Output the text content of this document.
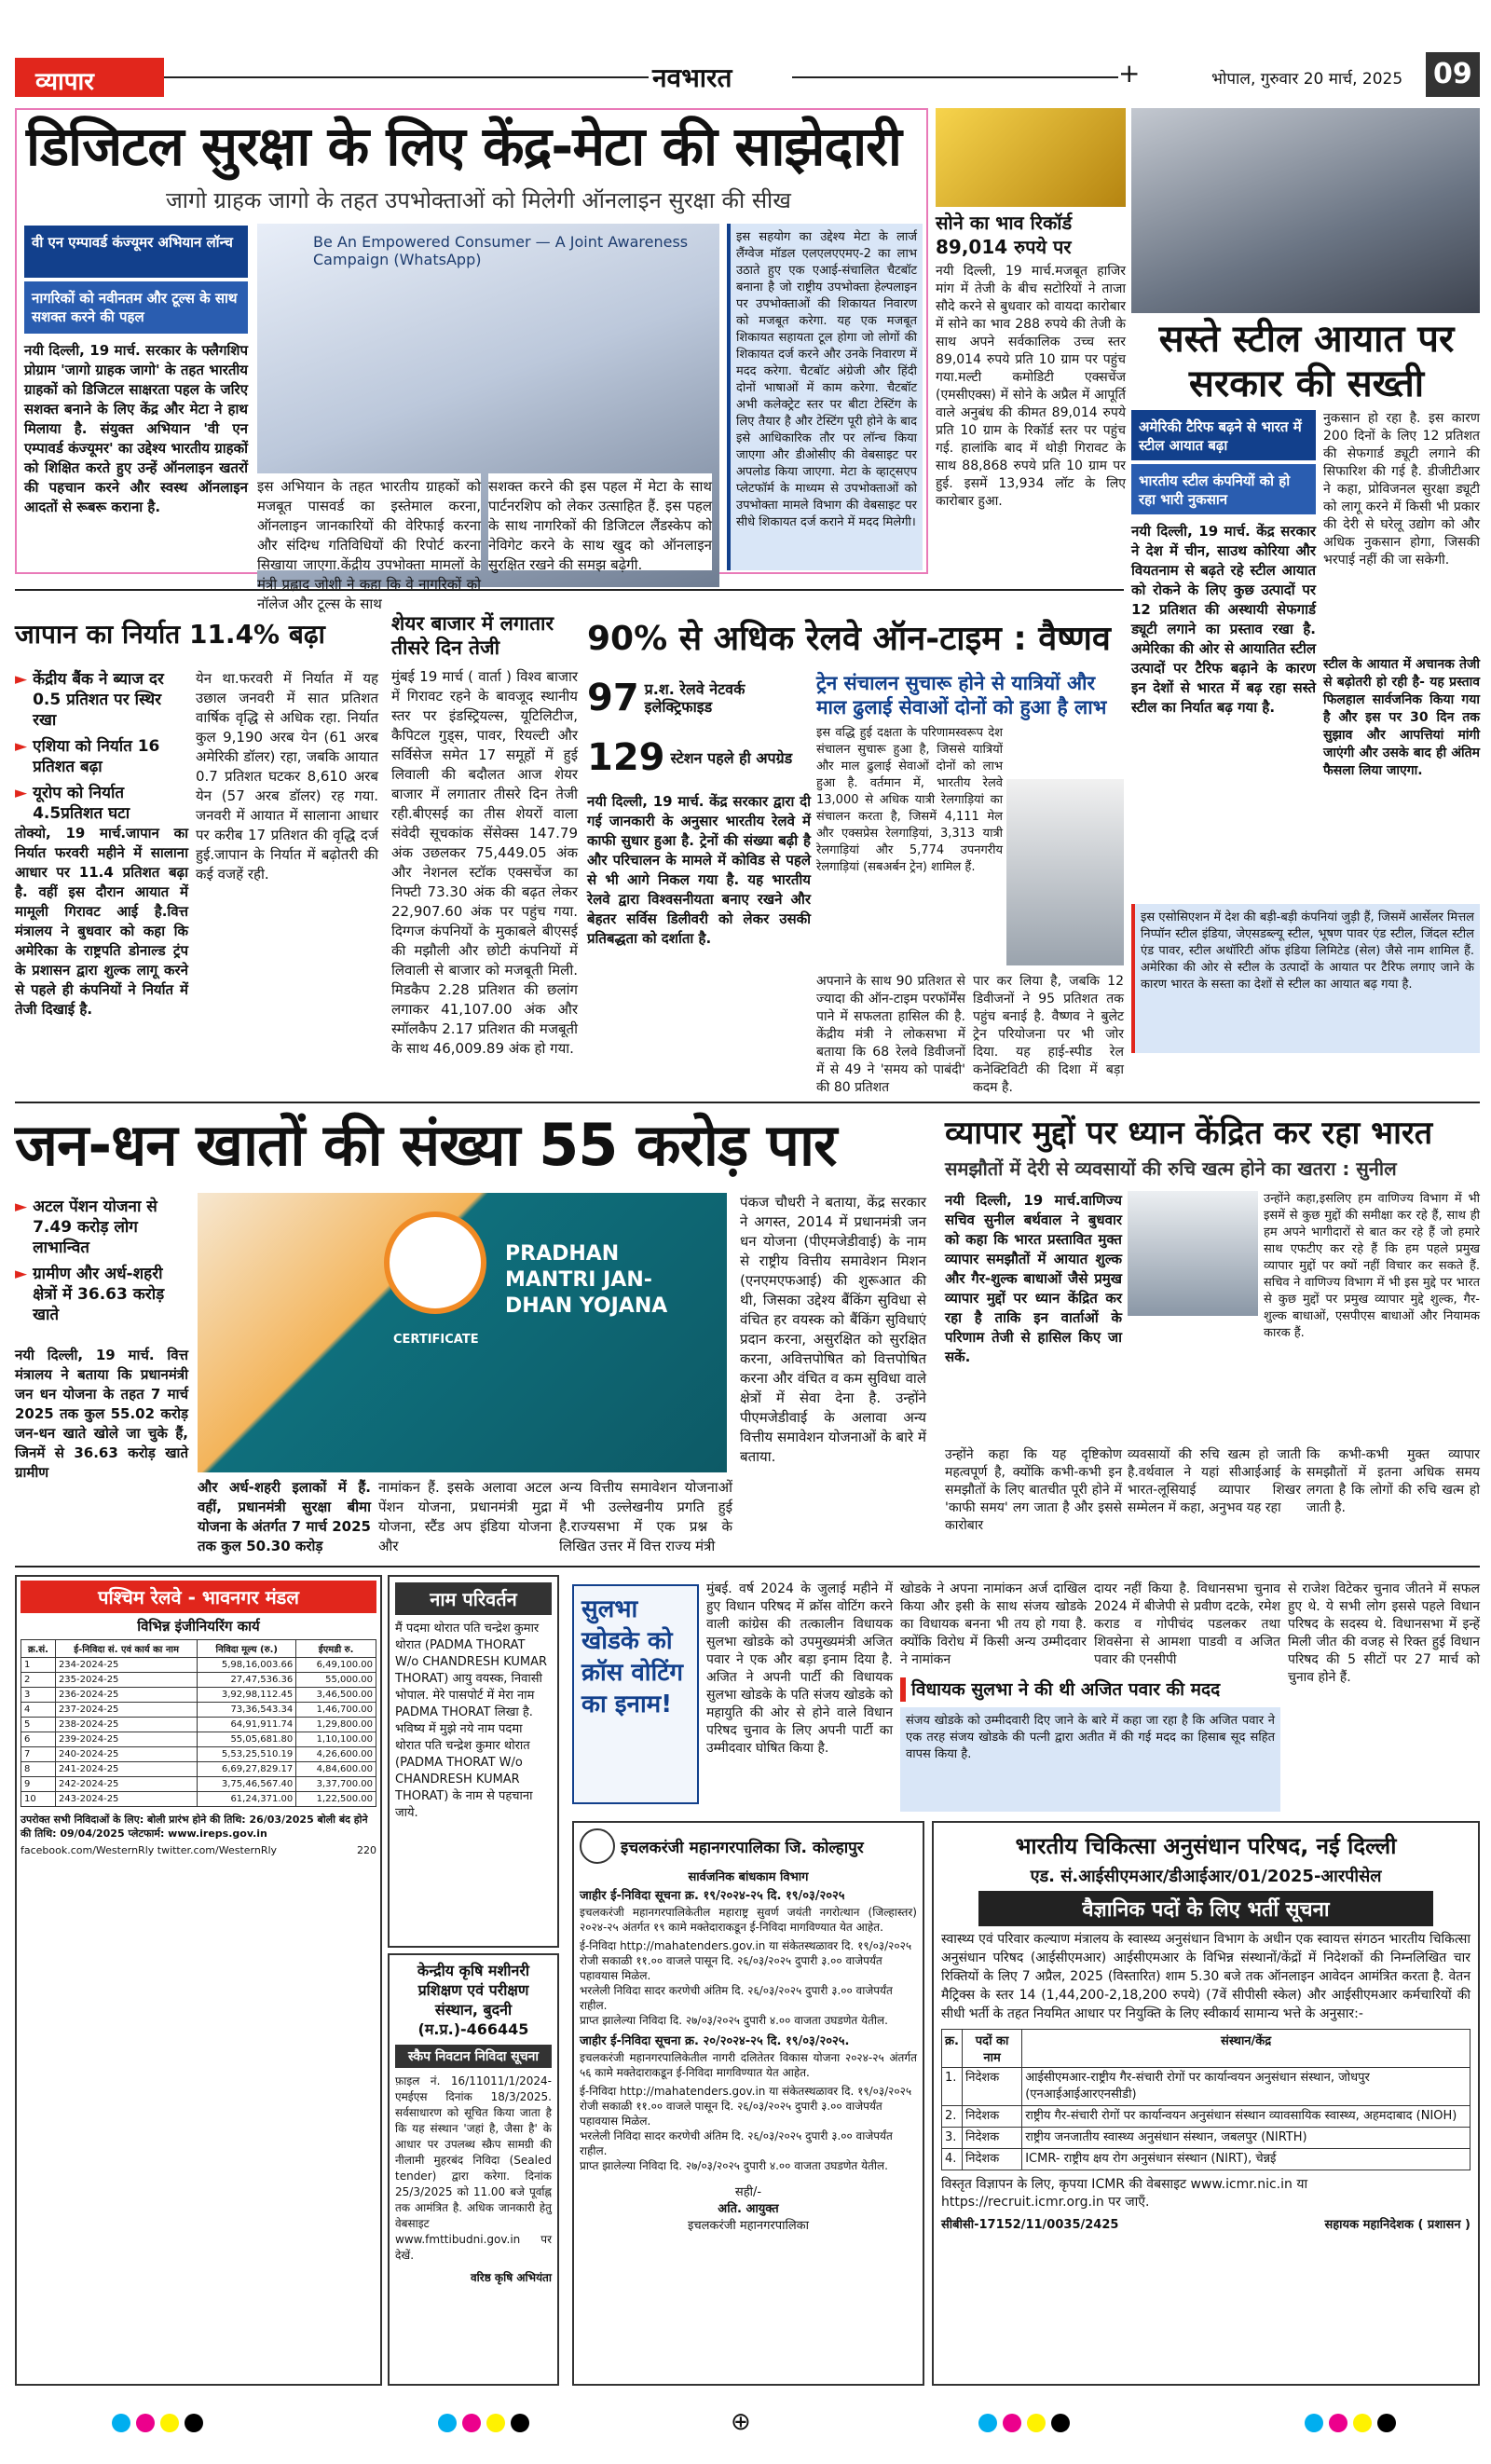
व्यापार	नवभारत	+	भोपाल, गुरुवार 20 मार्च, 2025	09
डिजिटल सुरक्षा के लिए केंद्र-मेटा की साझेदारी
जागो ग्राहक जागो के तहत उपभोक्ताओं को मिलेगी ऑनलाइन सुरक्षा की सीख
वी एन एम्पावर्ड कंज्यूमर अभियान लॉन्च
नागरिकों को नवीनतम और टूल्स के साथ सशक्त करने की पहल
नयी दिल्ली, 19 मार्च. सरकार के फ्लैगशिप प्रोग्राम 'जागो ग्राहक जागो' के तहत भारतीय ग्राहकों को डिजिटल साक्षरता पहल के जरिए सशक्त बनाने के लिए केंद्र और मेटा ने हाथ मिलाया है. संयुक्त अभियान 'वी एन एम्पावर्ड कंज्यूमर' का उद्देश्य भारतीय ग्राहकों को शिक्षित करते हुए उन्हें ऑनलाइन खतरों की पहचान करने और स्वस्थ ऑनलाइन आदतों से रूबरू कराना है.
Be An Empowered Consumer — A Joint Awareness Campaign (WhatsApp)
इस अभियान के तहत भारतीय ग्राहकों को मजबूत पासवर्ड का इस्तेमाल करना, ऑनलाइन जानकारियों की वेरिफाई करना और संदिग्ध गतिविधियों की रिपोर्ट करना सिखाया जाएगा.केंद्रीय उपभोक्ता मामलों के मंत्री प्रह्लाद जोशी ने कहा कि वे नागरिकों को नॉलेज और टूल्स के साथ
सशक्त करने की इस पहल में मेटा के साथ पार्टनरशिप को लेकर उत्साहित हैं. इस पहल के साथ नागरिकों की डिजिटल लैंडस्केप को नेविगेट करने के साथ खुद को ऑनलाइन सुरक्षित रखने की समझ बढ़ेगी.
इस सहयोग का उद्देश्य मेटा के लार्ज लैंग्वेज मॉडल एलएलएएमए-2 का लाभ उठाते हुए एक एआई-संचालित चैटबॉट बनाना है जो राष्ट्रीय उपभोक्ता हेल्पलाइन पर उपभोक्ताओं की शिकायत निवारण को मजबूत करेगा. यह एक मजबूत शिकायत सहायता टूल होगा जो लोगों की शिकायत दर्ज करने और उनके निवारण में मदद करेगा. चैटबॉट अंग्रेजी और हिंदी दोनों भाषाओं में काम करेगा. चैटबॉट अभी कलेक्ट्रेट स्तर पर बीटा टेस्टिंग के लिए तैयार है और टेस्टिंग पूरी होने के बाद इसे आधिकारिक तौर पर लॉन्च किया जाएगा और डीओसीए की वेबसाइट पर अपलोड किया जाएगा. मेटा के व्हाट्सएप प्लेटफॉर्म के माध्यम से उपभोक्ताओं को उपभोक्ता मामले विभाग की वेबसाइट पर सीधे शिकायत दर्ज कराने में मदद मिलेगी।
सोने का भाव रिकॉर्ड 89,014 रुपये पर
नयी दिल्ली, 19 मार्च.मजबूत हाजिर मांग में तेजी के बीच सटोरियों ने ताजा सौदे करने से बुधवार को वायदा कारोबार में सोने का भाव 288 रुपये की तेजी के साथ अपने सर्वकालिक उच्च स्तर 89,014 रुपये प्रति 10 ग्राम पर पहुंच गया.मल्टी कमोडिटी एक्सचेंज (एमसीएक्स) में सोने के अप्रैल में आपूर्ति वाले अनुबंध की कीमत 89,014 रुपये प्रति 10 ग्राम के रिकॉर्ड स्तर पर पहुंच गई. हालांकि बाद में थोड़ी गिरावट के साथ 88,868 रुपये प्रति 10 ग्राम पर हुई. इसमें 13,934 लॉट के लिए कारोबार हुआ.
सस्ते स्टील आयात पर सरकार की सख्ती
अमेरिकी टैरिफ बढ़ने से भारत में स्टील आयात बढ़ा
भारतीय स्टील कंपनियों को हो रहा भारी नुकसान
नयी दिल्ली, 19 मार्च. केंद्र सरकार ने देश में चीन, साउथ कोरिया और वियतनाम से बढ़ते रहे स्टील आयात को रोकने के लिए कुछ उत्पादों पर 12 प्रतिशत की अस्थायी सेफगार्ड ड्यूटी लगाने का प्रस्ताव रखा है. अमेरिका की ओर से आयातित स्टील उत्पादों पर टैरिफ बढ़ाने के कारण इन देशों से भारत में बढ़ रहा सस्ते स्टील का निर्यात बढ़ गया है.
नुकसान हो रहा है. इस कारण 200 दिनों के लिए 12 प्रतिशत की सेफगार्ड ड्यूटी लगाने की सिफारिश की गई है. डीजीटीआर ने कहा, प्रोविजनल सुरक्षा ड्यूटी को लागू करने में किसी भी प्रकार की देरी से घरेलू उद्योग को और अधिक नुकसान होगा, जिसकी भरपाई नहीं की जा सकेगी.
स्टील के आयात में अचानक तेजी से बढ़ोतरी हो रही है- यह प्रस्ताव फिलहाल सार्वजनिक किया गया है और इस पर 30 दिन तक सुझाव और आपत्तियां मांगी जाएंगी और उसके बाद ही अंतिम फैसला लिया जाएगा.
इस एसोसिएशन में देश की बड़ी-बड़ी कंपनियां जुड़ी हैं, जिसमें आर्सेलर मित्तल निप्पॉन स्टील इंडिया, जेएसडब्ल्यू स्टील, भूषण पावर एंड स्टील, जिंदल स्टील एंड पावर, स्टील अथॉरिटी ऑफ इंडिया लिमिटेड (सेल) जैसे नाम शामिल हैं. अमेरिका की ओर से स्टील के उत्पादों के आयात पर टैरिफ लगाए जाने के कारण भारत के सस्ता का देशों से स्टील का आयात बढ़ गया है.
जापान का निर्यात 11.4% बढ़ा
► केंद्रीय बैंक ने ब्याज दर 0.5 प्रतिशत पर स्थिर रखा
► एशिया को निर्यात 16 प्रतिशत बढ़ा
► यूरोप को निर्यात 4.5प्रतिशत घटा
तोक्यो, 19 मार्च.जापान का निर्यात फरवरी महीने में सालाना आधार पर 11.4 प्रतिशत बढ़ा है. वहीं इस दौरान आयात में मामूली गिरावट आई है.वित्त मंत्रालय ने बुधवार को कहा कि अमेरिका के राष्ट्रपति डोनाल्ड ट्रंप के प्रशासन द्वारा शुल्क लागू करने से पहले ही कंपनियों ने निर्यात में तेजी दिखाई है.
येन था.फरवरी में निर्यात में यह उछाल जनवरी में सात प्रतिशत वार्षिक वृद्धि से अधिक रहा. निर्यात कुल 9,190 अरब येन (61 अरब अमेरिकी डॉलर) रहा, जबकि आयात 0.7 प्रतिशत घटकर 8,610 अरब येन (57 अरब डॉलर) रह गया. जनवरी में आयात में सालाना आधार पर करीब 17 प्रतिशत की वृद्धि दर्ज हुई.जापान के निर्यात में बढ़ोतरी की कई वजहें रही.
शेयर बाजार में लगातार तीसरे दिन तेजी
मुंबई 19 मार्च ( वार्ता ) विश्व बाजार में गिरावट रहने के बावजूद स्थानीय स्तर पर इंडस्ट्रियल्स, यूटिलिटीज, कैपिटल गुड्स, पावर, रियल्टी और सर्विसेज समेत 17 समूहों में हुई लिवाली की बदौलत आज शेयर बाजार में लगातार तीसरे दिन तेजी रही.बीएसई का तीस शेयरों वाला संवेदी सूचकांक सेंसेक्स 147.79 अंक उछलकर 75,449.05 अंक और नेशनल स्टॉक एक्सचेंज का निफ्टी 73.30 अंक की बढ़त लेकर 22,907.60 अंक पर पहुंच गया. दिग्गज कंपनियों के मुकाबले बीएसई की मझौली और छोटी कंपनियों में लिवाली से बाजार को मजबूती मिली. मिडकैप 2.28 प्रतिशत की छलांग लगाकर 41,107.00 अंक और स्मॉलकैप 2.17 प्रतिशत की मजबूती के साथ 46,009.89 अंक हो गया.
90% से अधिक रेलवे ऑन-टाइम : वैष्णव
97 प्र.श. रेलवे नेटवर्क इलेक्ट्रिफाइड
129 स्टेशन पहले ही अपग्रेड
ट्रेन संचालन सुचारू होने से यात्रियों और माल ढुलाई सेवाओं दोनों को हुआ है लाभ
इस वद्धि हुई दक्षता के परिणामस्वरूप देश संचालन सुचारू हुआ है, जिससे यात्रियों और माल ढुलाई सेवाओं दोनों को लाभ हुआ है. वर्तमान में, भारतीय रेलवे 13,000 से अधिक यात्री रेलगाड़ियां का संचालन करता है, जिसमें 4,111 मेल और एक्सप्रेस रेलगाड़ियां, 3,313 यात्री रेलगाड़ियां और 5,774 उपनगरीय रेलगाड़ियां (सबअर्बन ट्रेन) शामिल हैं.
नयी दिल्ली, 19 मार्च. केंद्र सरकार द्वारा दी गई जानकारी के अनुसार भारतीय रेलवे में काफी सुधार हुआ है. ट्रेनों की संख्या बढ़ी है और परिचालन के मामले में कोविड से पहले से भी आगे निकल गया है. यह भारतीय रेलवे द्वारा विश्वसनीयता बनाए रखने और बेहतर सर्विस डिलीवरी को लेकर उसकी प्रतिबद्धता को दर्शाता है.
अपनाने के साथ 90 प्रतिशत से ज्यादा की ऑन-टाइम परफॉर्मेंस पाने में सफलता हासिल की है. केंद्रीय मंत्री ने लोकसभा में बताया कि 68 रेलवे डिवीजनों में से 49 ने 'समय को पाबंदी' की 80 प्रतिशत
पार कर लिया है, जबकि 12 डिवीजनों ने 95 प्रतिशत तक पहुंच बनाई है. वैष्णव ने बुलेट ट्रेन परियोजना पर भी जोर दिया. यह हाई-स्पीड रेल कनेक्टिविटी की दिशा में बड़ा कदम है.
जन-धन खातों की संख्या 55 करोड़ पार
► अटल पेंशन योजना से 7.49 करोड़ लोग लाभान्वित
► ग्रामीण और अर्ध-शहरी क्षेत्रों में 36.63 करोड़ खाते
नयी दिल्ली, 19 मार्च. वित्त मंत्रालय ने बताया कि प्रधानमंत्री जन धन योजना के तहत 7 मार्च 2025 तक कुल 55.02 करोड़ जन-धन खाते खोले जा चुके हैं, जिनमें से 36.63 करोड़ खाते ग्रामीण
PRADHAN MANTRI JAN-DHAN YOJANA
CERTIFICATE
और अर्ध-शहरी इलाकों में हैं. वहीं, प्रधानमंत्री सुरक्षा बीमा योजना के अंतर्गत 7 मार्च 2025 तक कुल 50.30 करोड़
नामांकन हैं. इसके अलावा अटल पेंशन योजना, प्रधानमंत्री मुद्रा योजना, स्टैंड अप इंडिया योजना और
अन्य वित्तीय समावेशन योजनाओं में भी उल्लेखनीय प्रगति हुई है.राज्यसभा में एक प्रश्न के लिखित उत्तर में वित्त राज्य मंत्री
पंकज चौधरी ने बताया, केंद्र सरकार ने अगस्त, 2014 में प्रधानमंत्री जन धन योजना (पीएमजेडीवाई) के नाम से राष्ट्रीय वित्तीय समावेशन मिशन (एनएमएफआई) की शुरूआत की थी, जिसका उद्देश्य बैंकिंग सुविधा से वंचित हर वयस्क को बैंकिंग सुविधाएं प्रदान करना, असुरक्षित को सुरक्षित करना, अवित्तपोषित को वित्तपोषित करना और वंचित व कम सुविधा वाले क्षेत्रों में सेवा देना है. उन्होंने पीएमजेडीवाई के अलावा अन्य वित्तीय समावेशन योजनाओं के बारे में बताया.
व्यापार मुद्दों पर ध्यान केंद्रित कर रहा भारत
समझौतों में देरी से व्यवसायों की रुचि खत्म होने का खतरा : सुनील
नयी दिल्ली, 19 मार्च.वाणिज्य सचिव सुनील बर्थवाल ने बुधवार को कहा कि भारत प्रस्तावित मुक्त व्यापार समझौतों में आयात शुल्क और गैर-शुल्क बाधाओं जैसे प्रमुख व्यापार मुद्दों पर ध्यान केंद्रित कर रहा है ताकि इन वार्ताओं के परिणाम तेजी से हासिल किए जा सकें.
उन्होंने कहा,इसलिए हम वाणिज्य विभाग में भी इसमें से कुछ मुद्दों की समीक्षा कर रहे हैं, साथ ही हम अपने भागीदारों से बात कर रहे हैं जो हमारे साथ एफटीए कर रहे हैं कि हम पहले प्रमुख व्यापार मुद्दों पर क्यों नहीं विचार कर सकते हैं. सचिव ने वाणिज्य विभाग में भी इस मुद्दे पर भारत से कुछ मुद्दों पर प्रमुख व्यापार मुद्दे शुल्क, गैर-शुल्क बाधाओं, एसपीएस बाधाओं और नियामक कारक हैं.
उन्होंने कहा कि यह दृष्टिकोण महत्वपूर्ण है, क्योंकि कभी-कभी इन समझौतों के लिए बातचीत पूरी होने में 'काफी समय' लग जाता है और इससे कारोबार
व्यवसायों की रुचि खत्म हो जाती है.वर्थवाल ने यहां सीआईआई के भारत-लूसियाई व्यापार शिखर सम्मेलन में कहा, अनुभव यह रहा
कि कभी-कभी मुक्त व्यापार समझौतों में इतना अधिक समय लगता है कि लोगों की रुचि खत्म हो जाती है.
पश्चिम रेलवे - भावनगर मंडल
विभिन्न इंजीनियरिंग कार्य
क्र.सं.	ई-निविदा सं. एवं कार्य का नाम	निविदा मूल्य (रु.)	ईएमडी रु.
1	234-2024-25	5,98,16,003.66	6,49,100.00
2	235-2024-25	27,47,536.36	55,000.00
3	236-2024-25	3,92,98,112.45	3,46,500.00
4	237-2024-25	73,36,543.34	1,46,700.00
5	238-2024-25	64,91,911.74	1,29,800.00
6	239-2024-25	55,05,681.80	1,10,100.00
7	240-2024-25	5,53,25,510.19	4,26,600.00
8	241-2024-25	6,69,27,829.17	4,84,600.00
9	242-2024-25	3,75,46,567.40	3,37,700.00
10	243-2024-25	61,24,371.00	1,22,500.00
उपरोक्त सभी निविदाओं के लिए: बोली प्रारंभ होने की तिथि: 26/03/2025 बोली बंद होने की तिथि: 09/04/2025 प्लेटफार्म: www.ireps.gov.in
facebook.com/WesternRly twitter.com/WesternRly	220
नाम परिवर्तन
मैं पदमा थोरात पति चन्द्रेश कुमार थोरात (PADMA THORAT W/o CHANDRESH KUMAR THORAT) आयु वयस्क, निवासी भोपाल. मेरे पासपोर्ट में मेरा नाम PADMA THORAT लिखा है. भविष्य में मुझे नये नाम पदमा थोरात पति चन्द्रेश कुमार थोरात (PADMA THORAT W/o CHANDRESH KUMAR THORAT) के नाम से पहचाना जाये.
केन्द्रीय कृषि मशीनरी प्रशिक्षण एवं परीक्षण संस्थान, बुदनी (म.प्र.)-466445
स्कैप निवटान निविदा सूचना
फ़ाइल नं. 16/11011/1/2024-एमईएस दिनांक 18/3/2025. सर्वसाधारण को सूचित किया जाता है कि यह संस्थान 'जहां है, जैसा है' के आधार पर उपलब्ध स्क्रैप सामग्री की नीलामी मुहरबंद निविदा (Sealed tender) द्वारा करेगा. दिनांक 25/3/2025 को 11.00 बजे पूर्वाह्न तक आमंत्रित है. अधिक जानकारी हेतु वेबसाइट www.fmttibudni.gov.in पर देखें.
वरिष्ठ कृषि अभियंता
सुलभा खोडके को क्रॉस वोटिंग का इनाम!
मुंबई. वर्ष 2024 के जुलाई महीने में हुए विधान परिषद में क्रॉस वोटिंग करने वाली कांग्रेस की तत्कालीन विधायक सुलभा खोडके को उपमुख्यमंत्री अजित पवार ने एक और बड़ा इनाम दिया है. अजित ने अपनी पार्टी की विधायक सुलभा खोडके के पति संजय खोडके को महायुति की ओर से होने वाले विधान परिषद चुनाव के लिए अपनी पार्टी का उम्मीदवार घोषित किया है.
खोडके ने अपना नामांकन अर्ज दाखिल किया और इसी के साथ संजय खोडके का विधायक बनना भी तय हो गया है. क्योंकि विरोध में किसी अन्य उम्मीदवार ने नामांकन
दायर नहीं किया है. विधानसभा चुनाव 2024 में बीजेपी से प्रवीण दटके, रमेश कराड व गोपीचंद पडलकर तथा शिवसेना से आमशा पाडवी व अजित पवार की एनसीपी
विधायक सुलभा ने की थी अजित पवार की मदद
संजय खोडके को उम्मीदवारी दिए जाने के बारे में कहा जा रहा है कि अजित पवार ने एक तरह संजय खोडके की पत्नी द्वारा अतीत में की गई मदद का हिसाब सूद सहित वापस किया है.
से राजेश विटेकर चुनाव जीतने में सफल हुए थे. ये सभी लोग इससे पहले विधान परिषद के सदस्य थे. विधानसभा में इन्हें मिली जीत की वजह से रिक्त हुई विधान परिषद की 5 सीटों पर 27 मार्च को चुनाव होने हैं.
इचलकरंजी महानगरपालिका जि. कोल्हापुर
सार्वजनिक बांधकाम विभाग
जाहीर ई-निविदा सूचना क्र. १९/२०२४-२५ दि. १९/०३/२०२५
इचलकरंजी महानगरपालिकेतील महाराष्ट्र सुवर्ण जयंती नगरोत्थान (जिल्हास्तर) २०२४-२५ अंतर्गत १९ कामे मक्तेदाराकडून ई-निविदा मागविण्यात येत आहेत.
ई-निविदा http://mahatenders.gov.in या संकेतस्थळावर दि. १९/०३/२०२५ रोजी सकाळी ११.०० वाजले पासून दि. २६/०३/२०२५ दुपारी ३.०० वाजेपर्यंत पहावयास मिळेल.
भरलेली निविदा सादर करणेची अंतिम दि. २६/०३/२०२५ दुपारी ३.०० वाजेपर्यंत राहील.
प्राप्त झालेल्या निविदा दि. २७/०३/२०२५ दुपारी ४.०० वाजता उघडणेत येतील.
जाहीर ई-निविदा सूचना क्र. २०/२०२४-२५ दि. १९/०३/२०२५.
इचलकरंजी महानगरपालिकेतील नागरी दलितेतर विकास योजना २०२४-२५ अंतर्गत ५६ कामे मक्तेदाराकडून ई-निविदा मागविण्यात येत आहेत.
ई-निविदा http://mahatenders.gov.in या संकेतस्थळावर दि. १९/०३/२०२५ रोजी सकाळी ११.०० वाजले पासून दि. २६/०३/२०२५ दुपारी ३.०० वाजेपर्यंत पहावयास मिळेल.
भरलेली निविदा सादर करणेची अंतिम दि. २६/०३/२०२५ दुपारी ३.०० वाजेपर्यंत राहील.
प्राप्त झालेल्या निविदा दि. २७/०३/२०२५ दुपारी ४.०० वाजता उघडणेत येतील.
सही/-
अति. आयुक्त
इचलकरंजी महानगरपालिका
भारतीय चिकित्सा अनुसंधान परिषद, नई दिल्ली
एड. सं.आईसीएमआर/डीआईआर/01/2025-आरपीसेल
वैज्ञानिक पदों के लिए भर्ती सूचना
स्वास्थ्य एवं परिवार कल्याण मंत्रालय के स्वास्थ्य अनुसंधान विभाग के अधीन एक स्वायत्त संगठन भारतीय चिकित्सा अनुसंधान परिषद (आईसीएमआर) आईसीएमआर के विभिन्न संस्थानों/केंद्रों में निदेशकों की निम्नलिखित चार रिक्तियों के लिए 7 अप्रैल, 2025 (विस्तारित) शाम 5.30 बजे तक ऑनलाइन आवेदन आमंत्रित करता है. वेतन मैट्रिक्स के स्तर 14 (1,44,200-2,18,200 रुपये) (7वें सीपीसी स्केल) और आईसीएमआर कर्मचारियों की सीधी भर्ती के तहत नियमित आधार पर नियुक्ति के लिए स्वीकार्य सामान्य भत्ते के अनुसार:-
क्र.	पदों का नाम	संस्थान/केंद्र
1.	निदेशक	आईसीएमआर-राष्ट्रीय गैर-संचारी रोगों पर कार्यान्वयन अनुसंधान संस्थान, जोधपुर (एनआईआईआरएनसीडी)
2.	निदेशक	राष्ट्रीय गैर-संचारी रोगों पर कार्यान्वयन अनुसंधान संस्थान व्यावसायिक स्वास्थ्य, अहमदाबाद (NIOH)
3.	निदेशक	राष्ट्रीय जनजातीय स्वास्थ्य अनुसंधान संस्थान, जबलपुर (NIRTH)
4.	निदेशक	ICMR- राष्ट्रीय क्षय रोग अनुसंधान संस्थान (NIRT), चेन्नई
विस्तृत विज्ञापन के लिए, कृपया ICMR की वेबसाइट www.icmr.nic.in या https://recruit.icmr.org.in पर जाएँ.
सीबीसी-17152/11/0035/2425	सहायक महानिदेशक ( प्रशासन )
⊕
